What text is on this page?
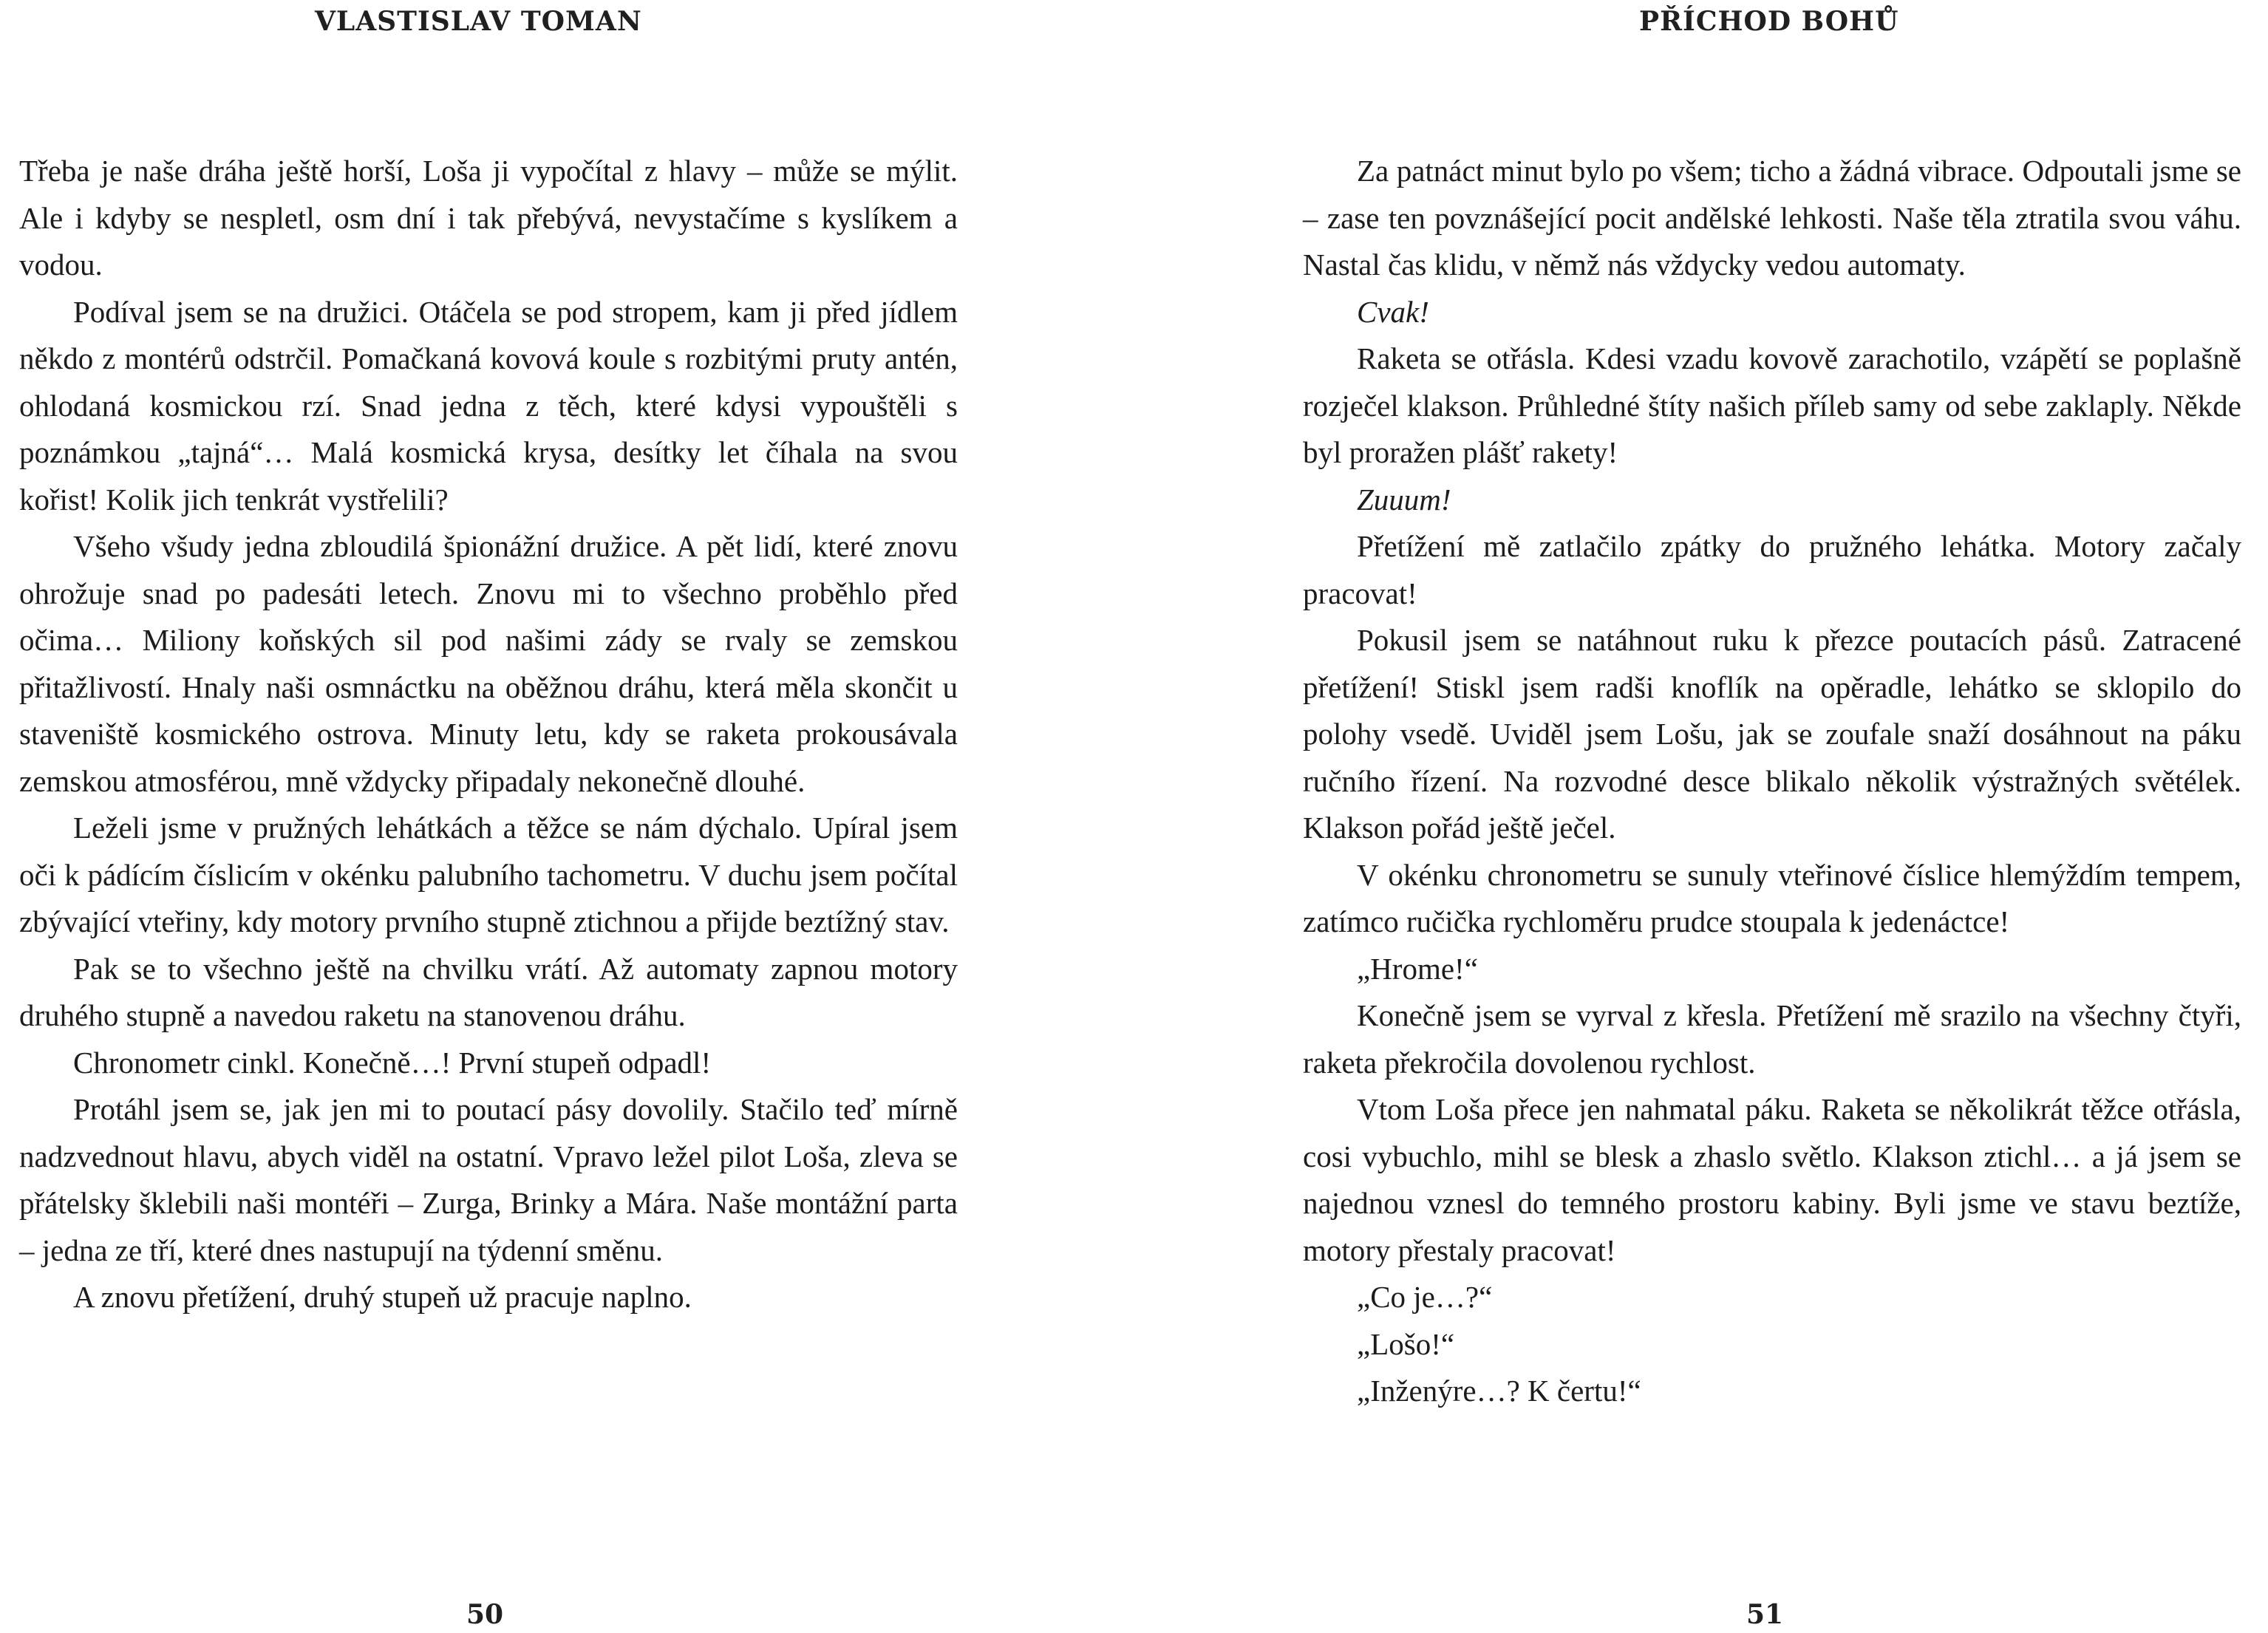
VLASTISLAV TOMAN

Třeba je naše dráha ještě horší, Loša ji vypočítal z hlavy – může se mýlit. Ale i kdyby se nespletl, osm dní i tak přebývá, nevystačíme s kyslíkem a vodou.

Podíval jsem se na družici. Otáčela se pod stropem, kam ji před jídlem někdo z montérů odstrčil. Pomačkaná kovová koule s rozbitými pruty antén, ohlodaná kosmickou rzí. Snad jedna z těch, které kdysi vypouštěli s poznámkou „tajná“… Malá kosmická krysa, desítky let číhala na svou kořist! Kolik jich tenkrát vystřelili?

Všeho všudy jedna zbloudilá špionážní družice. A pět lidí, které znovu ohrožuje snad po padesáti letech. Znovu mi to všechno proběhlo před očima… Miliony koňských sil pod našimi zády se rvaly se zemskou přitažlivostí. Hnaly naši osmnáctku na oběžnou dráhu, která měla skončit u staveniště kosmického ostrova. Minuty letu, kdy se raketa prokousávala zemskou atmosférou, mně vždycky připadaly nekonečně dlouhé.

Leželi jsme v pružných lehátkách a těžce se nám dýchalo. Upíral jsem oči k pádícím číslicím v okénku palubního tachometru. V duchu jsem počítal zbývající vteřiny, kdy motory prvního stupně ztichnou a přijde beztížný stav.

Pak se to všechno ještě na chvilku vrátí. Až automaty zapnou motory druhého stupně a navedou raketu na stanovenou dráhu.

Chronometr cinkl. Konečně…! První stupeň odpadl!

Protáhl jsem se, jak jen mi to poutací pásy dovolily. Stačilo teď mírně nadzvednout hlavu, abych viděl na ostatní. Vpravo ležel pilot Loša, zleva se přátelsky šklebili naši montéři – Zurga, Brinky a Mára. Naše montážní parta – jedna ze tří, které dnes nastupují na týdenní směnu.

A znovu přetížení, druhý stupeň už pracuje naplno.

50
PŘÍCHOD BOHŮ

Za patnáct minut bylo po všem; ticho a žádná vibrace. Odpoutali jsme se – zase ten povznášející pocit andělské lehkosti. Naše těla ztratila svou váhu. Nastal čas klidu, v němž nás vždycky vedou automaty.

Cvak!

Raketa se otřásla. Kdesi vzadu kovově zarachotilo, vzápětí se poplašně rozječel klakson. Průhledné štíty našich příleb samy od sebe zaklaply. Někde byl proražen plášť rakety!

Zuuum!

Přetížení mě zatlačilo zpátky do pružného lehátka. Motory začaly pracovat!

Pokusil jsem se natáhnout ruku k přezce poutacích pásů. Zatracené přetížení! Stiskl jsem radši knoflík na opěradle, lehátko se sklopilo do polohy vsedě. Uviděl jsem Lošu, jak se zoufale snaží dosáhnout na páku ručního řízení. Na rozvodné desce blikalo několik výstražných světélek. Klakson pořád ještě ječel.

V okénku chronometru se sunuly vteřinové číslice hlemýždím tempem, zatímco ručička rychloměru prudce stoupala k jedenáctce!

„Hrome!“

Konečně jsem se vyrval z křesla. Přetížení mě srazilo na všechny čtyři, raketa překročila dovolenou rychlost.

Vtom Loša přece jen nahmatal páku. Raketa se několikrát těžce otřásla, cosi vybuchlo, mihl se blesk a zhaslo světlo. Klakson ztichl… a já jsem se najednou vznesl do temného prostoru kabiny. Byli jsme ve stavu beztíže, motory přestaly pracovat!

„Co je…?“

„Lošo!“

„Inženýre…? K čertu!“

51
